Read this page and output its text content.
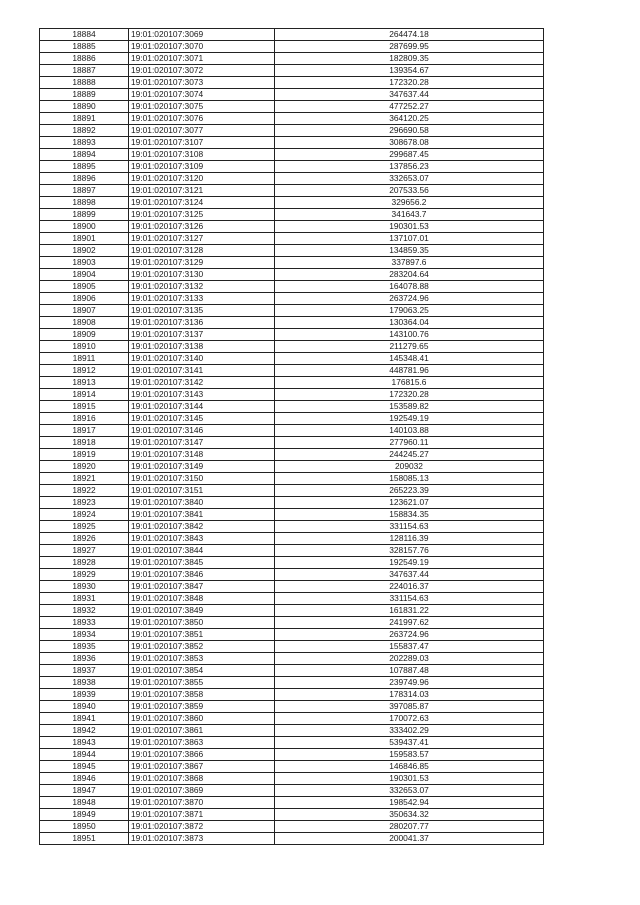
18884	19:01:020107:3069	264474.18
18885	19:01:020107:3070	287699.95
18886	19:01:020107:3071	182809.35
18887	19:01:020107:3072	139354.67
18888	19:01:020107:3073	172320.28
18889	19:01:020107:3074	347637.44
18890	19:01:020107:3075	477252.27
18891	19:01:020107:3076	364120.25
18892	19:01:020107:3077	296690.58
18893	19:01:020107:3107	308678.08
18894	19:01:020107:3108	299687.45
18895	19:01:020107:3109	137856.23
18896	19:01:020107:3120	332653.07
18897	19:01:020107:3121	207533.56
18898	19:01:020107:3124	329656.2
18899	19:01:020107:3125	341643.7
18900	19:01:020107:3126	190301.53
18901	19:01:020107:3127	137107.01
18902	19:01:020107:3128	134859.35
18903	19:01:020107:3129	337897.6
18904	19:01:020107:3130	283204.64
18905	19:01:020107:3132	164078.88
18906	19:01:020107:3133	263724.96
18907	19:01:020107:3135	179063.25
18908	19:01:020107:3136	130364.04
18909	19:01:020107:3137	143100.76
18910	19:01:020107:3138	211279.65
18911	19:01:020107:3140	145348.41
18912	19:01:020107:3141	448781.96
18913	19:01:020107:3142	176815.6
18914	19:01:020107:3143	172320.28
18915	19:01:020107:3144	153589.82
18916	19:01:020107:3145	192549.19
18917	19:01:020107:3146	140103.88
18918	19:01:020107:3147	277960.11
18919	19:01:020107:3148	244245.27
18920	19:01:020107:3149	209032
18921	19:01:020107:3150	158085.13
18922	19:01:020107:3151	265223.39
18923	19:01:020107:3840	123621.07
18924	19:01:020107:3841	158834.35
18925	19:01:020107:3842	331154.63
18926	19:01:020107:3843	128116.39
18927	19:01:020107:3844	328157.76
18928	19:01:020107:3845	192549.19
18929	19:01:020107:3846	347637.44
18930	19:01:020107:3847	224016.37
18931	19:01:020107:3848	331154.63
18932	19:01:020107:3849	161831.22
18933	19:01:020107:3850	241997.62
18934	19:01:020107:3851	263724.96
18935	19:01:020107:3852	155837.47
18936	19:01:020107:3853	202289.03
18937	19:01:020107:3854	107887.48
18938	19:01:020107:3855	239749.96
18939	19:01:020107:3858	178314.03
18940	19:01:020107:3859	397085.87
18941	19:01:020107:3860	170072.63
18942	19:01:020107:3861	333402.29
18943	19:01:020107:3863	539437.41
18944	19:01:020107:3866	159583.57
18945	19:01:020107:3867	146846.85
18946	19:01:020107:3868	190301.53
18947	19:01:020107:3869	332653.07
18948	19:01:020107:3870	198542.94
18949	19:01:020107:3871	350634.32
18950	19:01:020107:3872	280207.77
18951	19:01:020107:3873	200041.37
